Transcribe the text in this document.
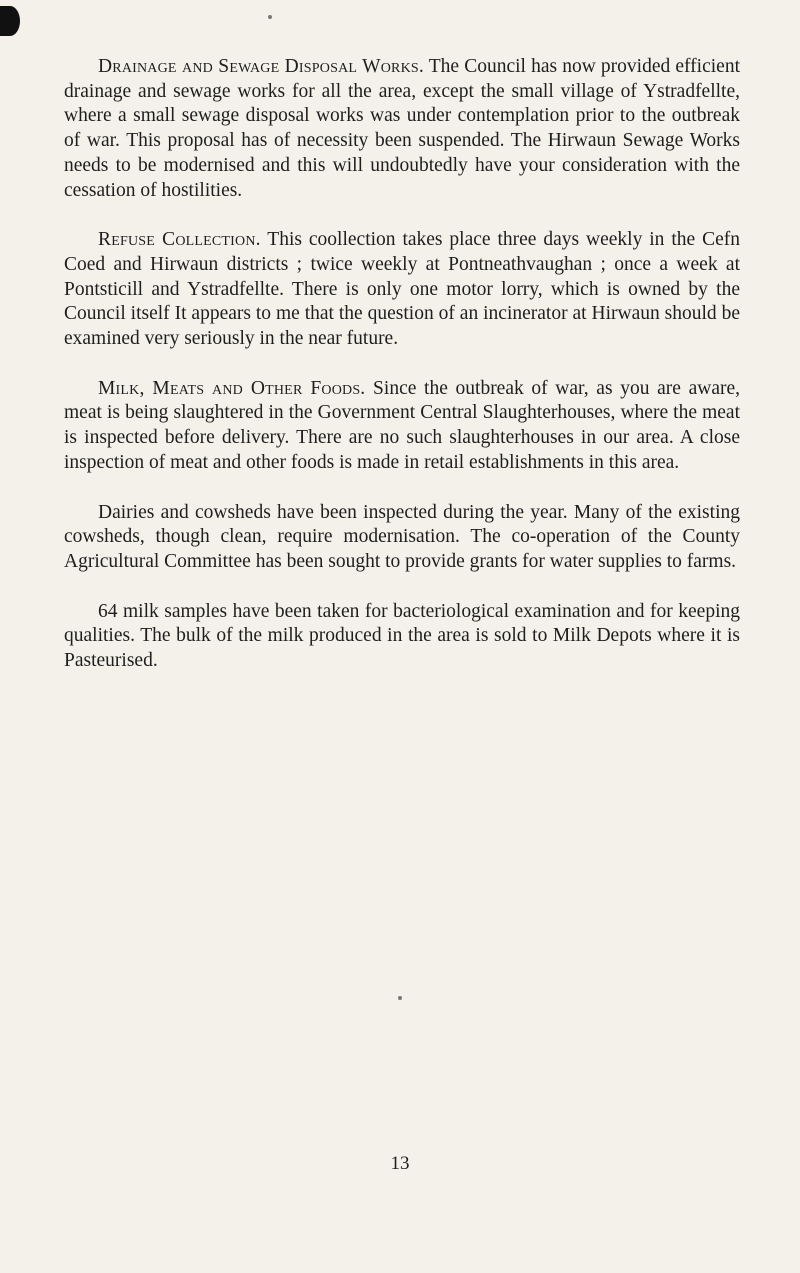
Drainage and Sewage Disposal Works. The Council has now provided efficient drainage and sewage works for all the area, except the small village of Ystradfellte, where a small sewage disposal works was under contemplation prior to the outbreak of war. This proposal has of necessity been suspended. The Hirwaun Sewage Works needs to be modernised and this will undoubtedly have your consideration with the cessation of hostilities.

Refuse Collection. This coollection takes place three days weekly in the Cefn Coed and Hirwaun districts ; twice weekly at Pontneathvaughan ; once a week at Pontsticill and Ystradfellte. There is only one motor lorry, which is owned by the Council itself It appears to me that the question of an incinerator at Hirwaun should be examined very seriously in the near future.

Milk, Meats and Other Foods. Since the outbreak of war, as you are aware, meat is being slaughtered in the Government Central Slaughterhouses, where the meat is inspected before delivery. There are no such slaughterhouses in our area. A close inspection of meat and other foods is made in retail establishments in this area.

Dairies and cowsheds have been inspected during the year. Many of the existing cowsheds, though clean, require modernisation. The co-operation of the County Agricultural Committee has been sought to provide grants for water supplies to farms.

64 milk samples have been taken for bacteriological examination and for keeping qualities. The bulk of the milk produced in the area is sold to Milk Depots where it is Pasteurised.

13
